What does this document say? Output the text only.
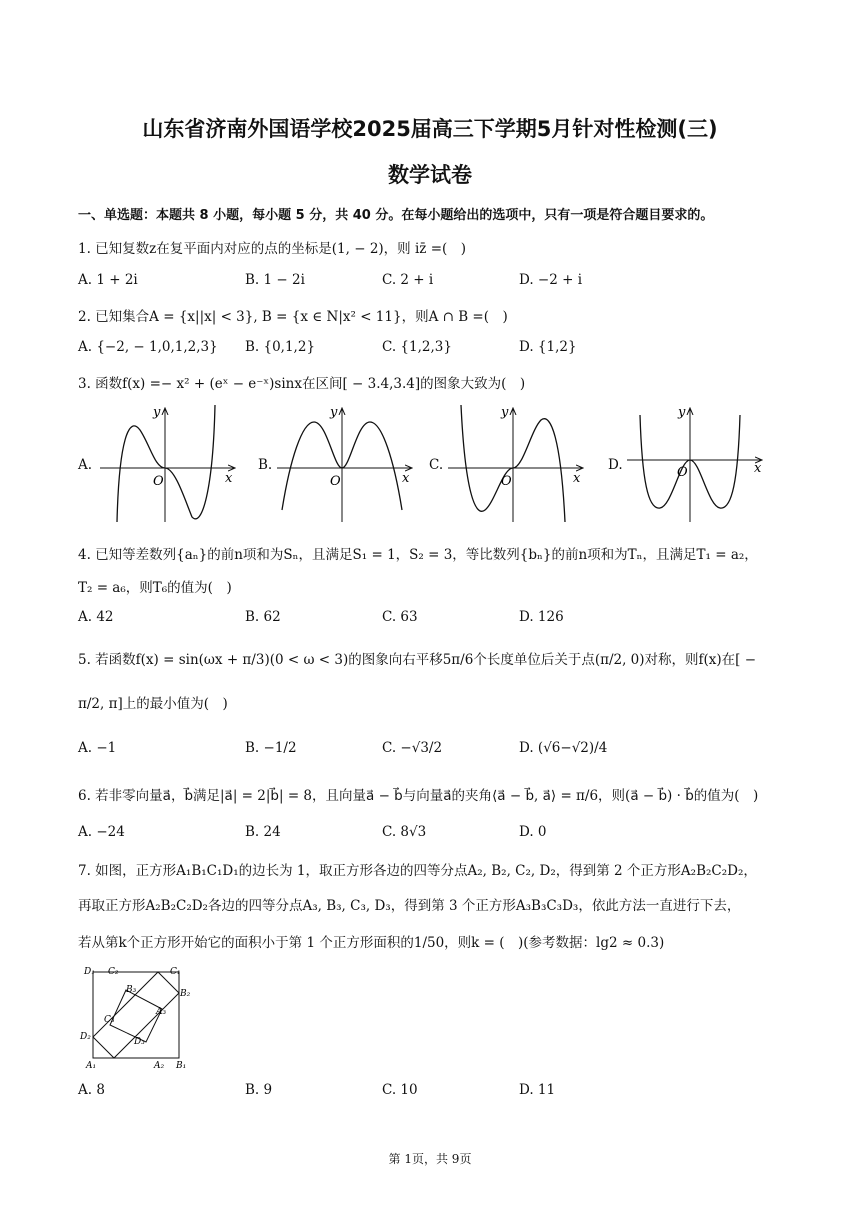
山东省济南外国语学校2025届高三下学期5月针对性检测(三)
数学试卷
一、单选题：本题共 8 小题，每小题 5 分，共 40 分。在每小题给出的选项中，只有一项是符合题目要求的。
1. 已知复数z在复平面内对应的点的坐标是(1, − 2)，则 iz̄ =(　)
A. 1 + 2i	B. 1 − 2i	C. 2 + i	D. −2 + i
2. 已知集合A = {x||x| < 3}, B = {x ∈ N|x² < 11}，则A ∩ B =(　)
A. {−2, − 1,0,1,2,3} B. {0,1,2}	C. {1,2,3}	D. {1,2}
3. 函数f(x) =− x² + (eˣ − e⁻ˣ)sinx在区间[ − 3.4,3.4]的图象大致为(　)
A.
O	x
y
B.
O	x
y
C.
O	x
y
D.	O	x
y
4. 已知等差数列{aₙ}的前n项和为Sₙ，且满足S₁ = 1，S₂ = 3，等比数列{bₙ}的前n项和为Tₙ，且满足T₁ = a₂，
T₂ = a₆，则T₆的值为(　)
A. 42	B. 62	C. 63	D. 126
5. 若函数f(x) = sin(ωx + π/3)(0 < ω < 3)的图象向右平移5π/6个长度单位后关于点(π/2, 0)对称，则f(x)在[ −
π/2, π]上的最小值为(　)
A. −1	B. −1/2	C. −√3/2	D. (√6−√2)/4
6. 若非零向量a⃗，b⃗满足|a⃗| = 2|b⃗| = 8，且向量a⃗ − b⃗与向量a⃗的夹角⟨a⃗ − b⃗, a⃗⟩ = π/6，则(a⃗ − b⃗) · b⃗的值为(　)
A. −24	B. 24	C. 8√3	D. 0
7. 如图，正方形A₁B₁C₁D₁的边长为 1，取正方形各边的四等分点A₂, B₂, C₂, D₂，得到第 2 个正方形A₂B₂C₂D₂，
再取正方形A₂B₂C₂D₂各边的四等分点A₃, B₃, C₃, D₃，得到第 3 个正方形A₃B₃C₃D₃，依此方法一直进行下去，
若从第k个正方形开始它的面积小于第 1 个正方形面积的1/50，则k = (　)(参考数据：lg2 ≈ 0.3)
D₁ C₂	C₁
B₃	B₂
A₃
C₃
D₂	D₃
A₁	A₂ B₁
A. 8	B. 9	C. 10	D. 11
第 1页，共 9页
